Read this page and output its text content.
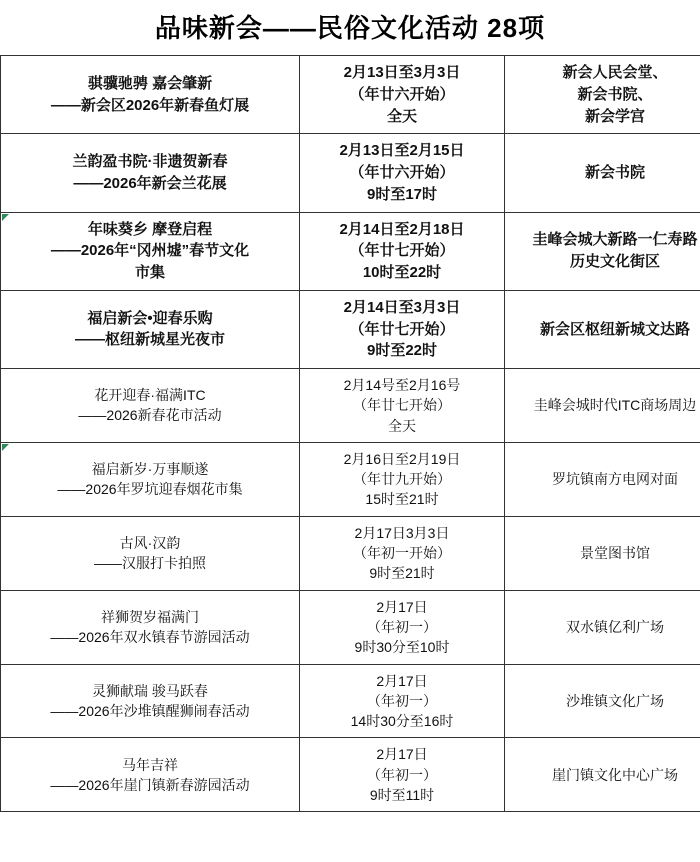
品味新会——民俗文化活动 28项
骐骥驰骋 嘉会肇新
——新会区2026年新春鱼灯展	2月13日至3月3日
（年廿六开始）
全天	新会人民会堂、
新会书院、
新会学宫

兰韵盈书院·非遗贺新春
——2026年新会兰花展	2月13日至2月15日
（年廿六开始）
9时至17时	新会书院

年味葵乡 摩登启程
——2026年“冈州墟”春节文化
市集	2月14日至2月18日
（年廿七开始）
10时至22时	圭峰会城大新路一仁寿路
历史文化街区

福启新会•迎春乐购
——枢纽新城星光夜市	2月14日至3月3日
（年廿七开始）
9时至22时	新会区枢纽新城文达路

花开迎春·福满ITC
——2026新春花市活动	2月14号至2月16号
（年廿七开始）
全天	圭峰会城时代ITC商场周边

福启新岁·万事顺遂
——2026年罗坑迎春烟花市集	2月16日至2月19日
（年廿九开始）
15时至21时	罗坑镇南方电网对面

古风·汉韵
——汉服打卡拍照	2月17日3月3日
（年初一开始）
9时至21时	景堂图书馆

祥狮贺岁福满门
——2026年双水镇春节游园活动	2月17日
（年初一）
9时30分至10时	双水镇亿利广场

灵狮献瑞 骏马跃春
——2026年沙堆镇醒狮闹春活动	2月17日
（年初一）
14时30分至16时	沙堆镇文化广场

马年吉祥
——2026年崖门镇新春游园活动	2月17日
（年初一）
9时至11时	崖门镇文化中心广场
